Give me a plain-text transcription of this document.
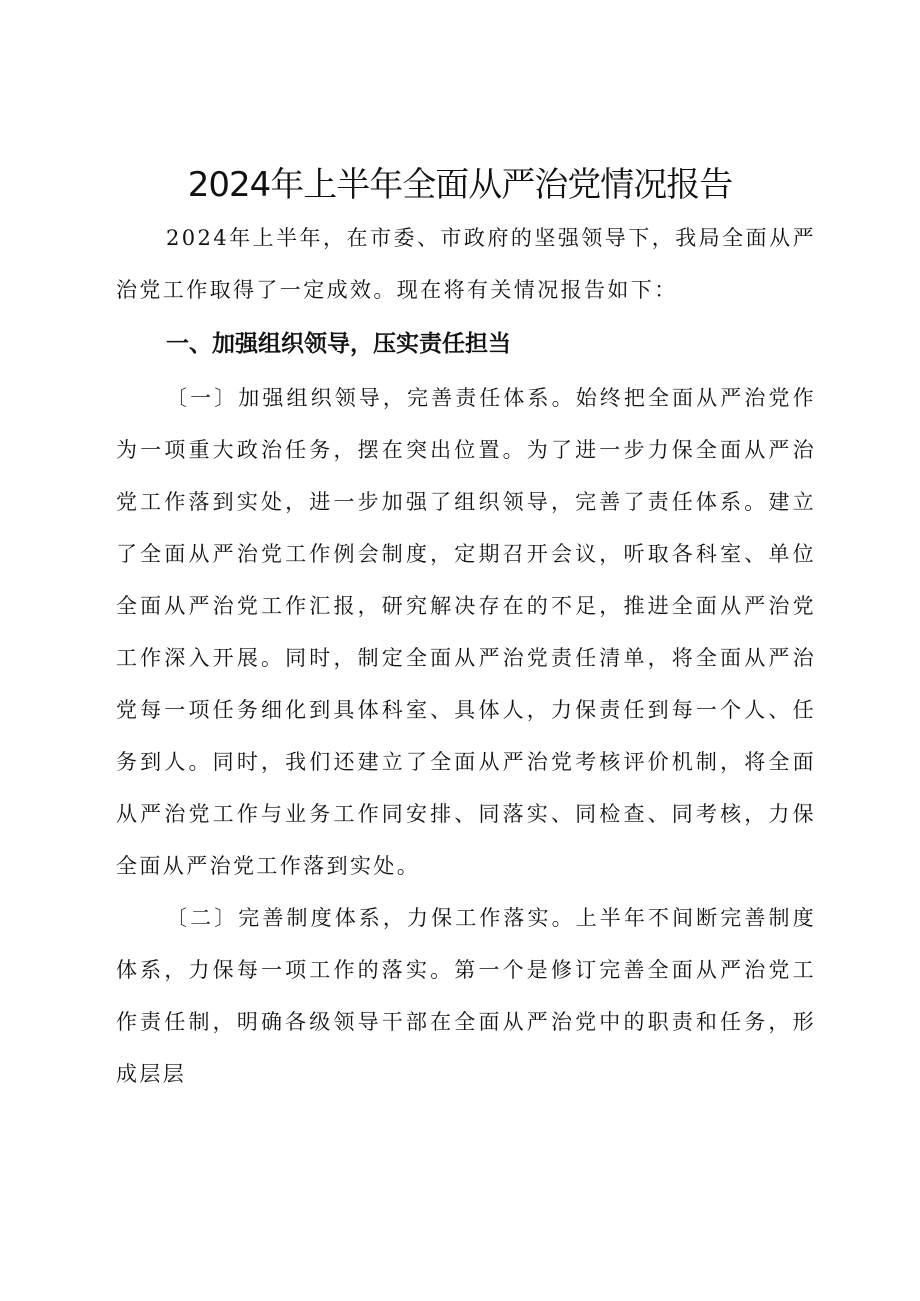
2024年上半年全面从严治党情况报告

2024年上半年，在市委、市政府的坚强领导下，我局全面从严治党工作取得了一定成效。现在将有关情况报告如下：

一、加强组织领导，压实责任担当

〔一〕加强组织领导，完善责任体系。始终把全面从严治党作为一项重大政治任务，摆在突出位置。为了进一步力保全面从严治党工作落到实处，进一步加强了组织领导，完善了责任体系。建立了全面从严治党工作例会制度，定期召开会议，听取各科室、单位全面从严治党工作汇报，研究解决存在的不足，推进全面从严治党工作深入开展。同时，制定全面从严治党责任清单，将全面从严治党每一项任务细化到具体科室、具体人，力保责任到每一个人、任务到人。同时，我们还建立了全面从严治党考核评价机制，将全面从严治党工作与业务工作同安排、同落实、同检查、同考核，力保全面从严治党工作落到实处。

〔二〕完善制度体系，力保工作落实。上半年不间断完善制度体系，力保每一项工作的落实。第一个是修订完善全面从严治党工作责任制，明确各级领导干部在全面从严治党中的职责和任务，形成层层
